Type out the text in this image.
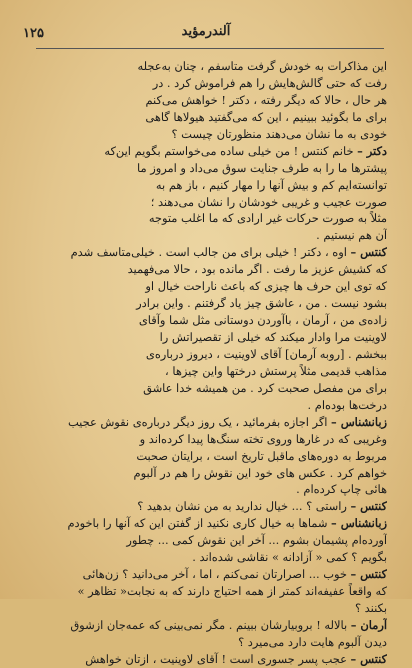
۱۲۵	آلندرمؤید
این مذاکرات به خودش گرفت متاسفم ، چنان به‌عجله
رفت که حتی گالش‌هایش را هم فراموش کرد . در
هر حال ، حالا که دیگر رفته ، دکتر ! خواهش می‌کنم
برای ما بگوئید ببینیم ، این که می‌گفتید هیولاها گاهی
خودی به ما نشان می‌دهند منظورتان چیست ؟
دکتر – خانم کنتس ! من خیلی ساده می‌خواستم بگویم این‌که
پیشترها ما را به طرف جنایت سوق می‌داد و امروز ما
توانسته‌ایم کم و بیش آنها را مهار کنیم ، باز هم به
صورت عجیب و غریبی خودشان را نشان می‌دهند ؛
مثلاً به صورت حرکات غیر ارادی که ما اغلب متوجه
آن هم نیستیم .
کنتس – اوه ، دکتر ! خیلی برای من جالب است . خیلی‌متاسف شدم
که کشیش عزیز ما رفت . اگر مانده بود ، حالا می‌فهمید
که توی این حرف ها چیزی که باعث ناراحت خیال او
بشود نیست . من ، عاشق چیز یاد گرفتنم . واین برادر
زاده‌ی من ، آرمان ، باآوردن دوستانی مثل شما وآقای
لاوینیت مرا وادار میکند که خیلی از تقصیراتش را
ببخشم . [روبه آرمان] آقای لاوینیت ، دیروز درباره‌ی
مذاهب قدیمی مثلاً پرستش درختها واین چیزها ،
برای من مفصل صحبت کرد . من همیشه خدا عاشق
درخت‌ها بوده‌ام .
زبانشناس – اگر اجازه بفرمائید ، یک روز دیگر درباره‌ی نقوش عجیب
وغریبی که در غارها وروی تخته سنگ‌ها پیدا کرده‌اند و
مربوط به دوره‌های ماقبل تاریخ است ، برایتان صحبت
خواهم کرد . عکس های خود این نقوش را هم در آلبوم
هائی چاپ کرده‌ام .
کنتس – راستی ؟ ... خیال ندارید به من نشان بدهید ؟
زبانشناس – شماها به خیال کاری نکنید از گفتن این که آنها را باخودم
آورده‌ام پشیمان بشوم ... آخر این نقوش کمی ... چطور
بگویم ؟ کمی « آزادانه » نقاشی شده‌اند .
کنتس – خوب ... اصرارتان نمی‌کنم ، اما ، آخر می‌دانید ؟ زن‌هائی
که واقعاً عفیفه‌اند کمتر از همه احتیاج دارند که به نجابت« تظاهر »
بکنند ؟
آرمان – بالاله ! بروبیارشان ببینم . مگر نمی‌بینی که عمه‌جان ازشوق
دیدن آلبوم هایت دارد می‌میرد ؟
کنتس – عجب پسر جسوری است ! آقای لاوینیت ، ازتان خواهش
